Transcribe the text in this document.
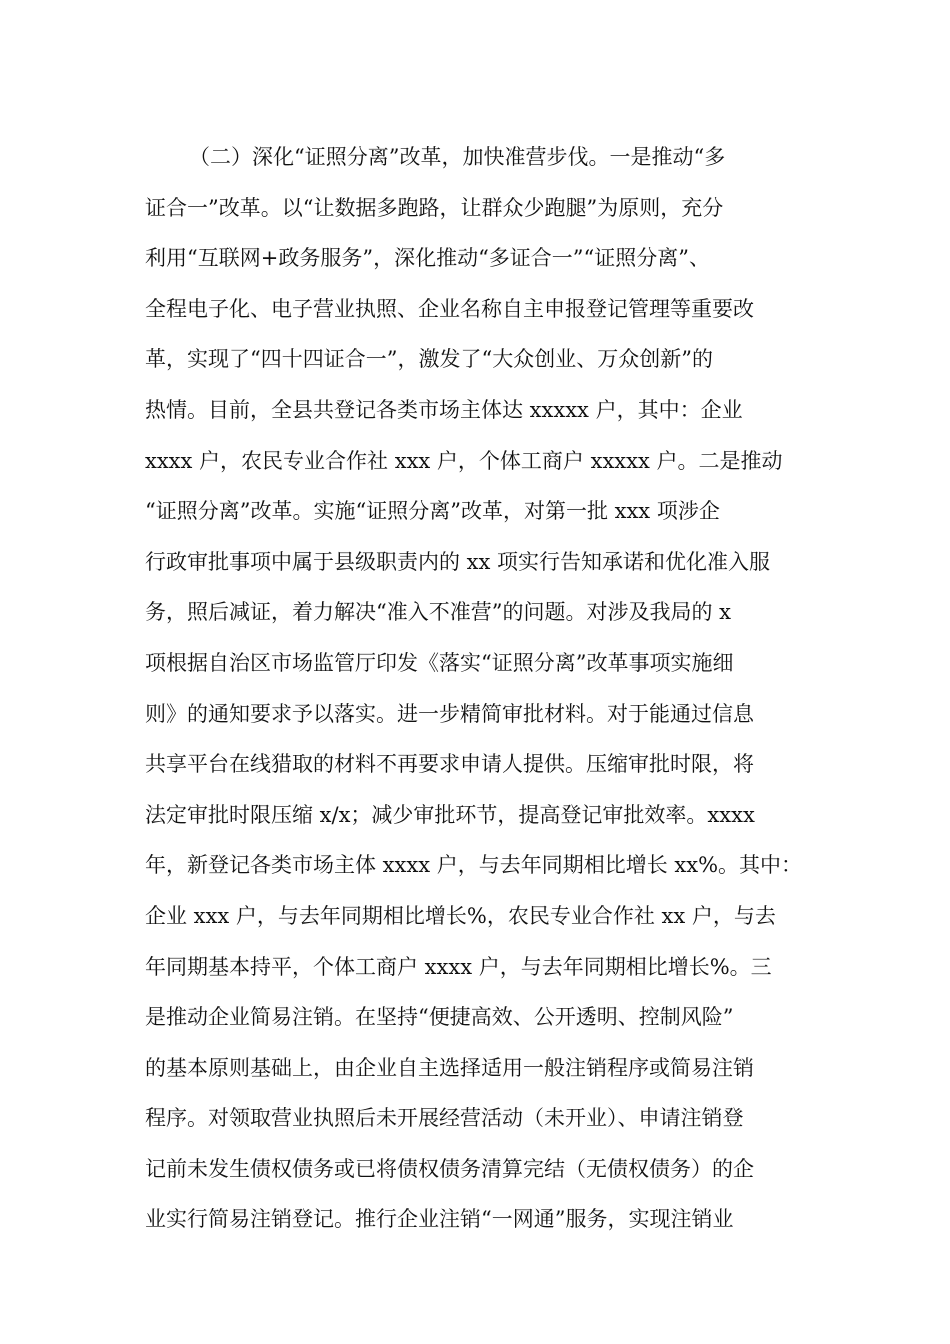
（二）深化“证照分离”改革，加快准营步伐。一是推动“多
证合一”改革。以“让数据多跑路，让群众少跑腿”为原则，充分
利用“互联网+政务服务”，深化推动“多证合一”“证照分离”、
全程电子化、电子营业执照、企业名称自主申报登记管理等重要改
革，实现了“四十四证合一”，激发了“大众创业、万众创新”的
热情。目前，全县共登记各类市场主体达 xxxxx 户，其中：企业
xxxx 户，农民专业合作社 xxx 户，个体工商户 xxxxx 户。二是推动
“证照分离”改革。实施“证照分离”改革，对第一批 xxx 项涉企
行政审批事项中属于县级职责内的 xx 项实行告知承诺和优化准入服
务，照后减证，着力解决“准入不准营”的问题。对涉及我局的 x
项根据自治区市场监管厅印发《落实“证照分离”改革事项实施细
则》的通知要求予以落实。进一步精简审批材料。对于能通过信息
共享平台在线猎取的材料不再要求申请人提供。压缩审批时限，将
法定审批时限压缩 x/x；减少审批环节，提高登记审批效率。xxxx
年，新登记各类市场主体 xxxx 户，与去年同期相比增长 xx%。其中：
企业 xxx 户，与去年同期相比增长%，农民专业合作社 xx 户，与去
年同期基本持平，个体工商户 xxxx 户，与去年同期相比增长%。三
是推动企业简易注销。在坚持“便捷高效、公开透明、控制风险”
的基本原则基础上，由企业自主选择适用一般注销程序或简易注销
程序。对领取营业执照后未开展经营活动（未开业）、申请注销登
记前未发生债权债务或已将债权债务清算完结（无债权债务）的企
业实行简易注销登记。推行企业注销“一网通”服务，实现注销业
